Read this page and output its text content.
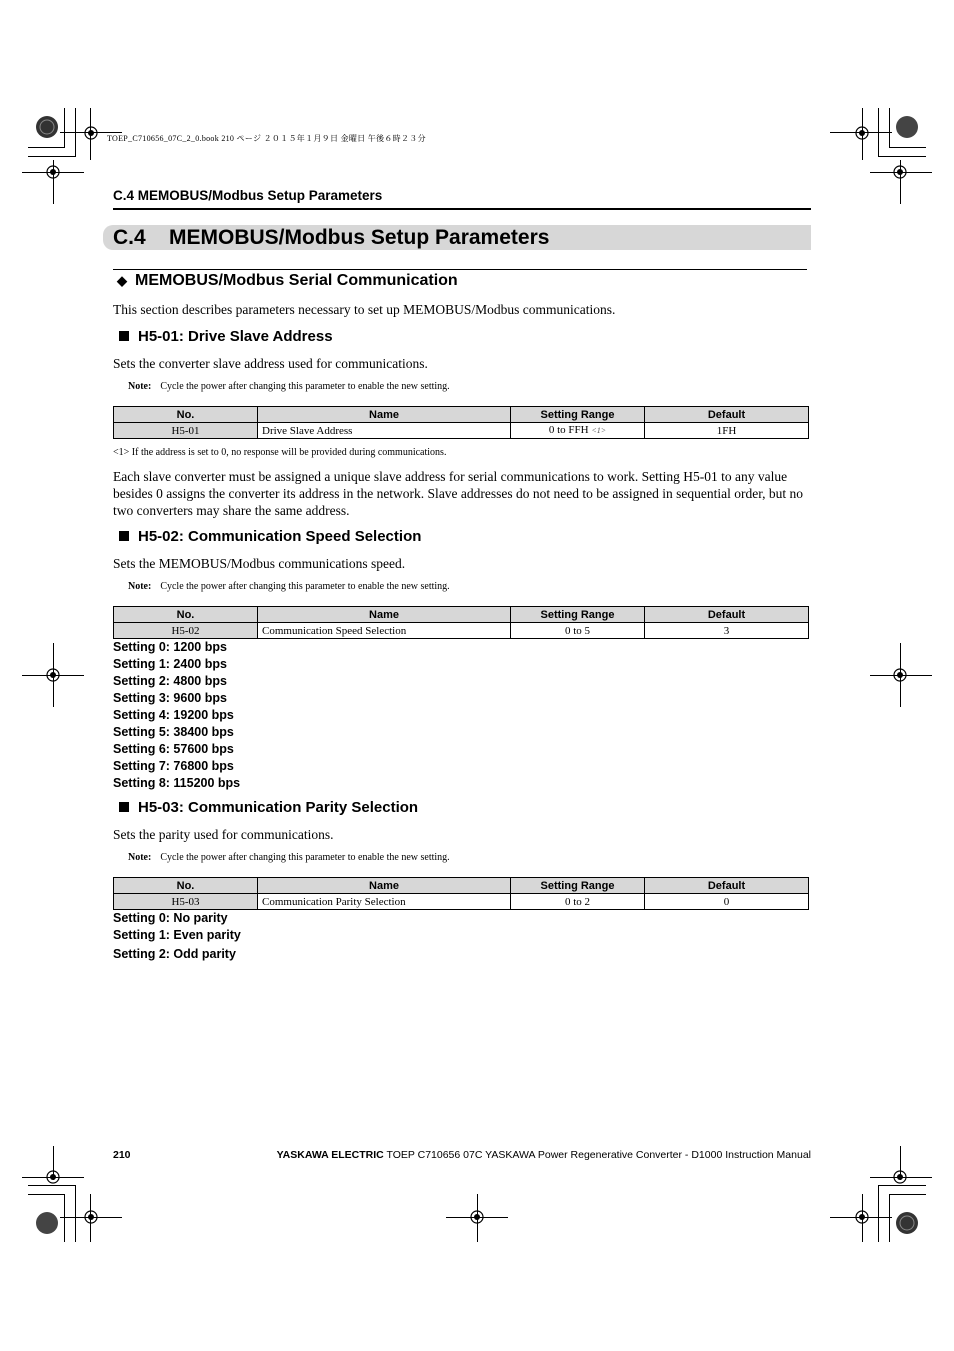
TOEP_C710656_07C_2_0.book 210 ページ ２０１５年１月９日 金曜日 午後６時２３分
C.4 MEMOBUS/Modbus Setup Parameters
C.4    MEMOBUS/Modbus Setup Parameters
◆ MEMOBUS/Modbus Serial Communication
This section describes parameters necessary to set up MEMOBUS/Modbus communications.
H5-01: Drive Slave Address
Sets the converter slave address used for communications.
Note: Cycle the power after changing this parameter to enable the new setting.
No.	Name	Setting Range	Default
H5-01	Drive Slave Address	0 to FFH <1>	1FH
<1> If the address is set to 0, no response will be provided during communications.
Each slave converter must be assigned a unique slave address for serial communications to work. Setting H5-01 to any value besides 0 assigns the converter its address in the network. Slave addresses do not need to be assigned in sequential order, but no two converters may share the same address.
H5-02: Communication Speed Selection
Sets the MEMOBUS/Modbus communications speed.
Note: Cycle the power after changing this parameter to enable the new setting.
No.	Name	Setting Range	Default
H5-02	Communication Speed Selection	0 to 5	3
Setting 0: 1200 bps
Setting 1: 2400 bps
Setting 2: 4800 bps
Setting 3: 9600 bps
Setting 4: 19200 bps
Setting 5: 38400 bps
Setting 6: 57600 bps
Setting 7: 76800 bps
Setting 8: 115200 bps
H5-03: Communication Parity Selection
Sets the parity used for communications.
Note: Cycle the power after changing this parameter to enable the new setting.
No.	Name	Setting Range	Default
H5-03	Communication Parity Selection	0 to 2	0
Setting 0: No parity
Setting 1: Even parity
Setting 2: Odd parity
210	YASKAWA ELECTRIC TOEP C710656 07C YASKAWA Power Regenerative Converter - D1000 Instruction Manual
